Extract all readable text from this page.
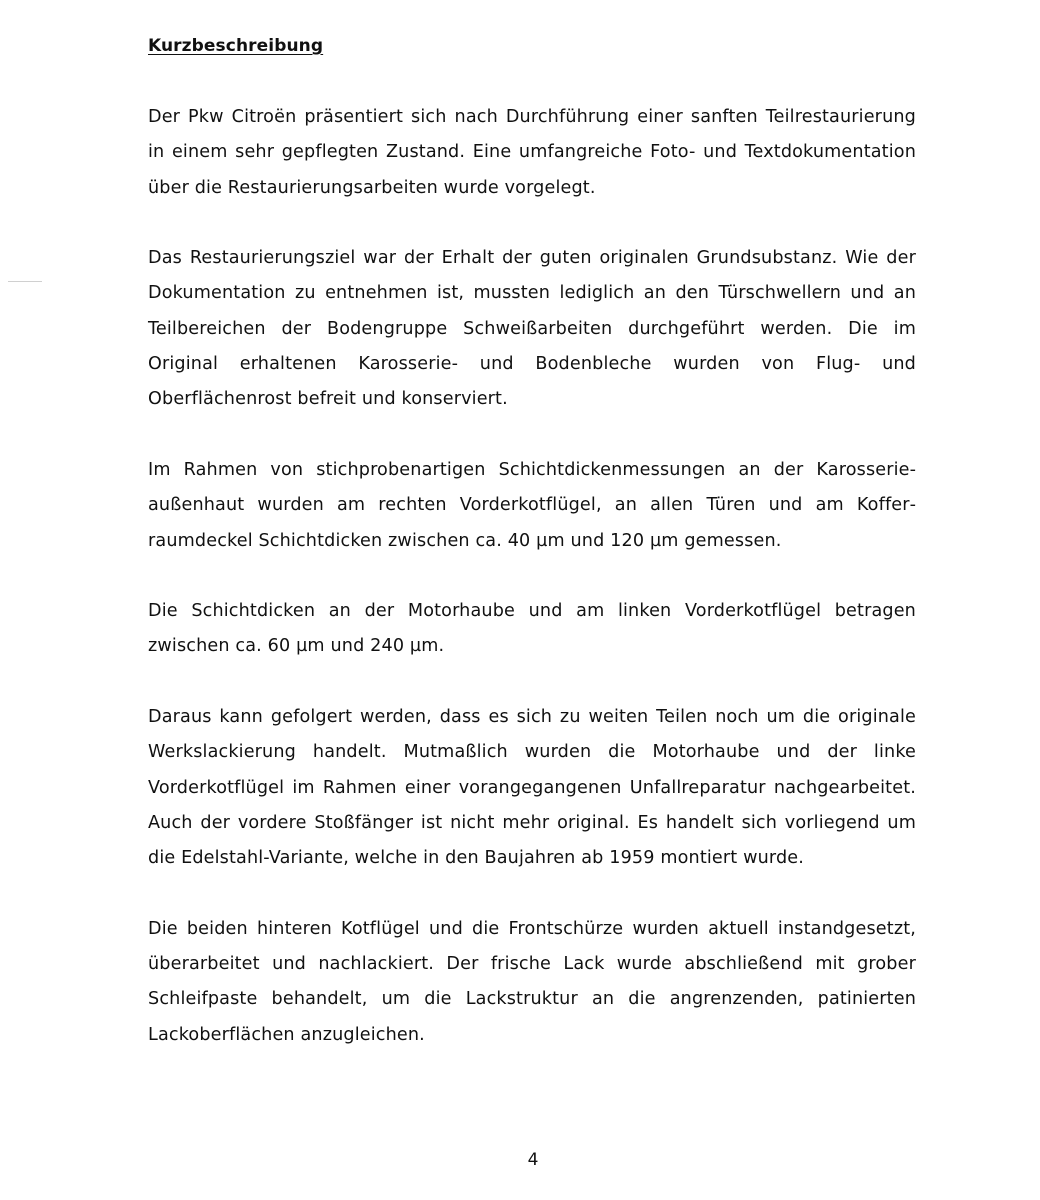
Kurzbeschreibung

Der Pkw Citroën präsentiert sich nach Durchführung einer sanften Teilrestaurierung in einem sehr gepflegten Zustand. Eine umfangreiche Foto- und Textdokumentation über die Restaurierungsarbeiten wurde vorgelegt.

Das Restaurierungsziel war der Erhalt der guten originalen Grundsubstanz. Wie der Dokumentation zu entnehmen ist, mussten lediglich an den Türschwellern und an Teilbereichen der Bodengruppe Schweißarbeiten durchgeführt werden. Die im Original erhaltenen Karosserie- und Bodenbleche wurden von Flug- und Oberflächenrost befreit und konserviert.

Im Rahmen von stichprobenartigen Schichtdickenmessungen an der Karosserieaußenhaut wurden am rechten Vorderkotflügel, an allen Türen und am Kofferraumdeckel Schichtdicken zwischen ca. 40 µm und 120 µm gemessen.

Die Schichtdicken an der Motorhaube und am linken Vorderkotflügel betragen zwischen ca. 60 µm und 240 µm.

Daraus kann gefolgert werden, dass es sich zu weiten Teilen noch um die originale Werkslackierung handelt. Mutmaßlich wurden die Motorhaube und der linke Vorderkotflügel im Rahmen einer vorangegangenen Unfallreparatur nachgearbeitet. Auch der vordere Stoßfänger ist nicht mehr original. Es handelt sich vorliegend um die Edelstahl-Variante, welche in den Baujahren ab 1959 montiert wurde.

Die beiden hinteren Kotflügel und die Frontschürze wurden aktuell instandgesetzt, überarbeitet und nachlackiert. Der frische Lack wurde abschließend mit grober Schleifpaste behandelt, um die Lackstruktur an die angrenzenden, patinierten Lackoberflächen anzugleichen.

4
